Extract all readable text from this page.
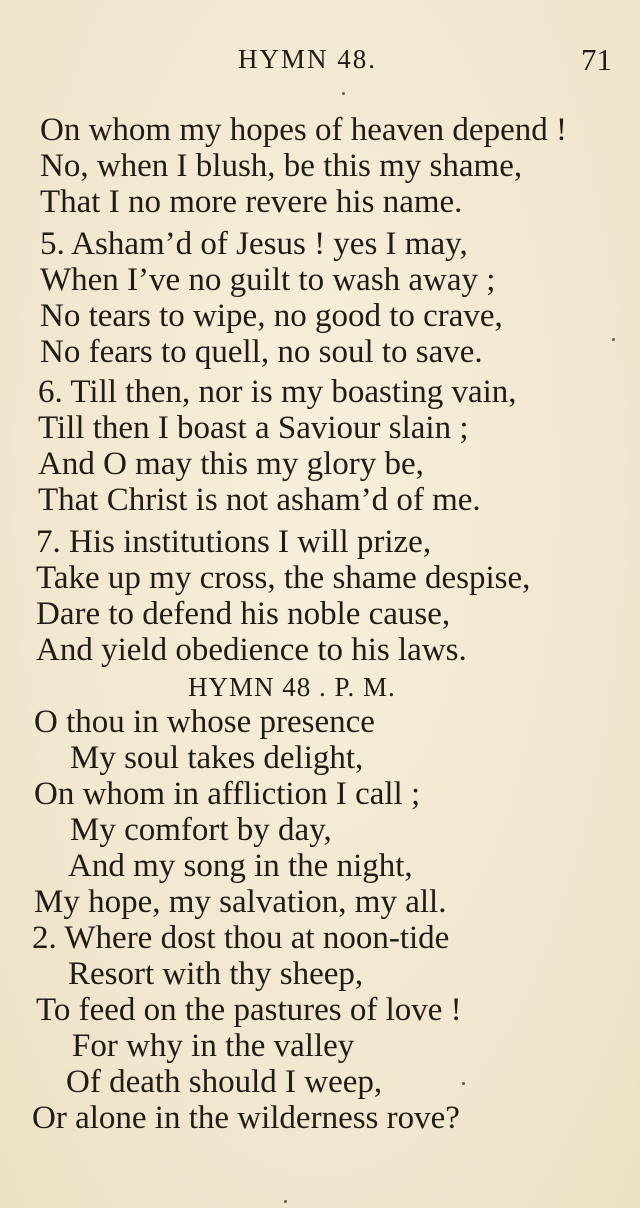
HYMN 48.	71
On whom my hopes of heaven depend !
No, when I blush, be this my shame,
That I no more revere his name.
5. Asham’d of Jesus ! yes I may,
When I’ve no guilt to wash away ;
No tears to wipe, no good to crave,
No fears to quell, no soul to save.
6. Till then, nor is my boasting vain,
Till then I boast a Saviour slain ;
And O may this my glory be,
That Christ is not asham’d of me.
7. His institutions I will prize,
Take up my cross, the shame despise,
Dare to defend his noble cause,
And yield obedience to his laws.
HYMN 48 . P. M.
O thou in whose presence
My soul takes delight,
On whom in affliction I call ;
My comfort by day,
And my song in the night,
My hope, my salvation, my all.
2. Where dost thou at noon-tide
Resort with thy sheep,
To feed on the pastures of love !
For why in the valley
Of death should I weep,
Or alone in the wilderness rove?
